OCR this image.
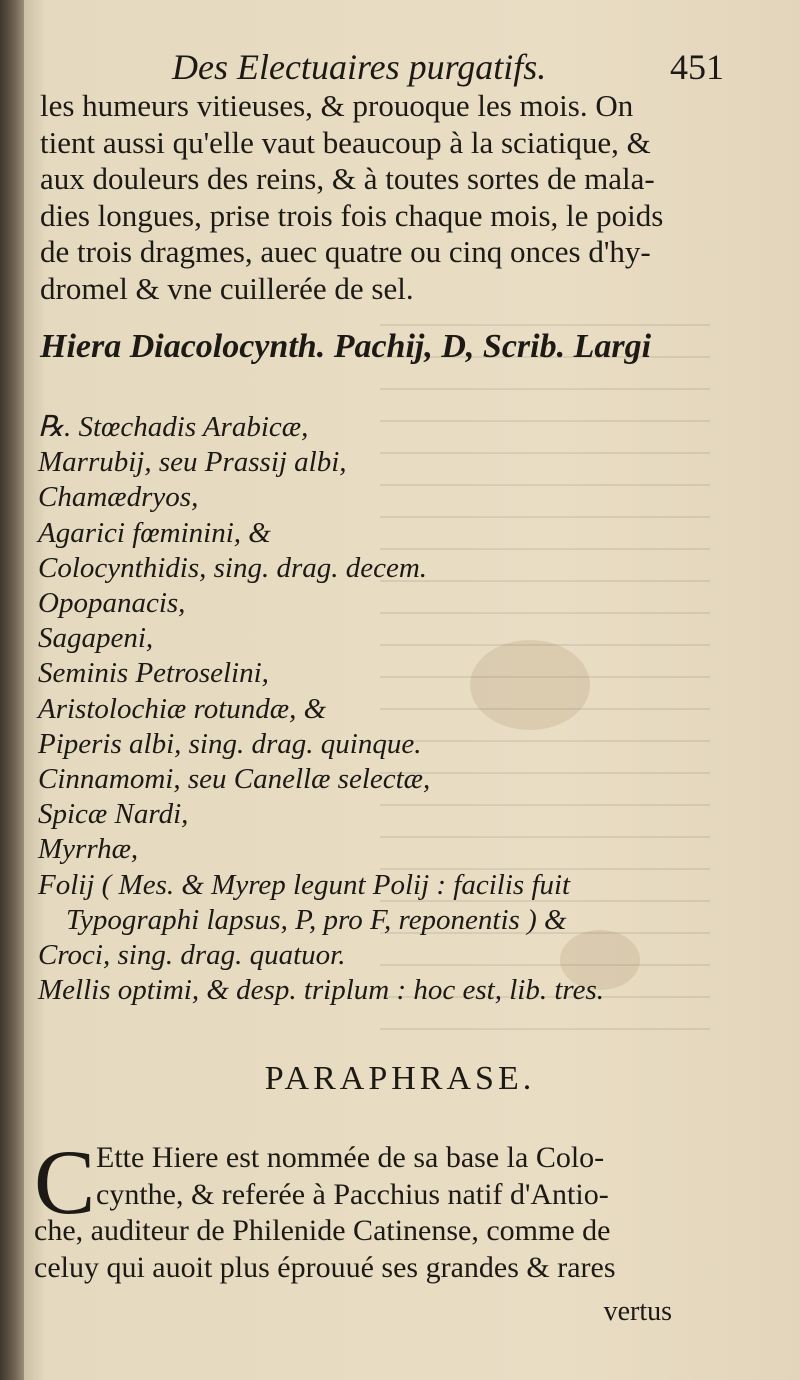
Des Electuaires purgatifs.	451
les humeurs vitieuses, & prouoque les mois. On
tient aussi qu'elle vaut beaucoup à la sciatique, &
aux douleurs des reins, & à toutes sortes de mala-
dies longues, prise trois fois chaque mois, le poids
de trois dragmes, auec quatre ou cinq onces d'hy-
dromel & vne cuillerée de sel.
Hiera Diacolocynth. Pachij, D, Scrib. Largi
℞. Stœchadis Arabicæ,
Marrubij, seu Prassij albi,
Chamædryos,
Agarici fœminini, &
Colocynthidis, sing. drag. decem.
Opopanacis,
Sagapeni,
Seminis Petroselini,
Aristolochiæ rotundæ, &
Piperis albi, sing. drag. quinque.
Cinnamomi, seu Canellæ selectæ,
Spicæ Nardi,
Myrrhæ,
Folij ( Mes. & Myrep legunt Polij : facilis fuit
Typographi lapsus, P, pro F, reponentis ) &
Croci, sing. drag. quatuor.
Mellis optimi, & desp. triplum : hoc est, lib. tres.
PARAPHRASE.
C Ette Hiere est nommée de sa base la Colo-
cynthe, & referée à Pacchius natif d'Antio-
che, auditeur de Philenide Catinense, comme de
celuy qui auoit plus éprouué ses grandes & rares
vertus
